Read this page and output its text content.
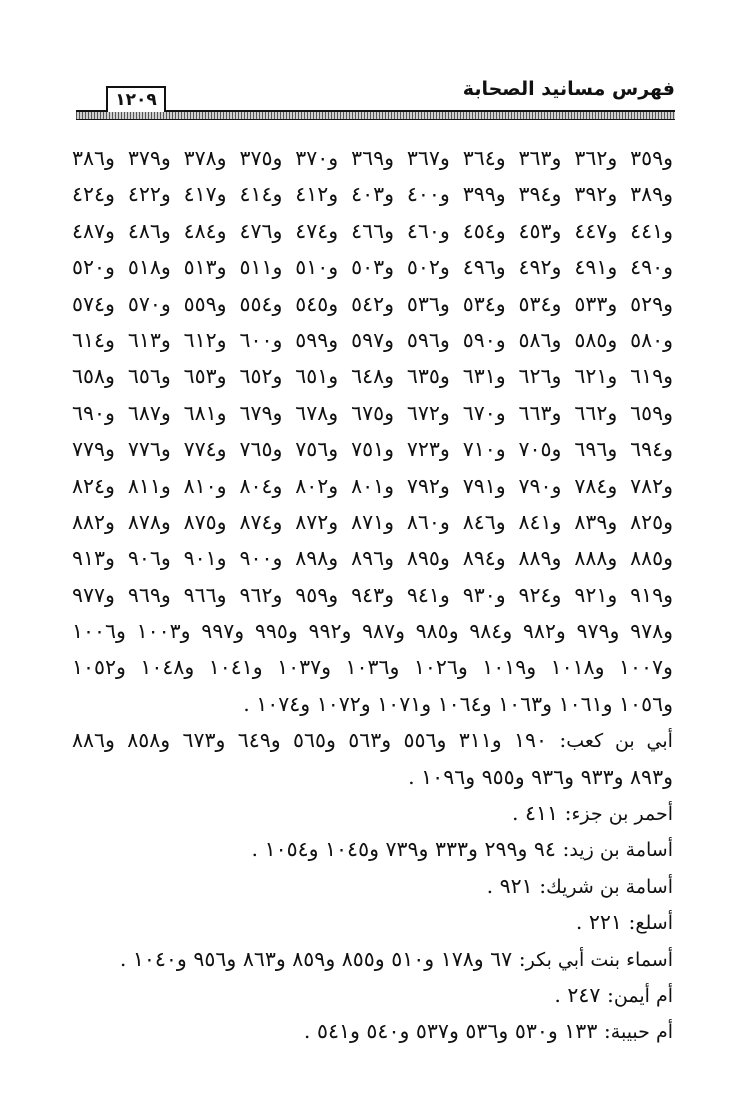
فهرس مسانيد الصحابة
١٢٠٩
و٣٥٩ و٣٦٢ و٣٦٣ و٣٦٤ و٣٦٧ و٣٦٩ و٣٧٠ و٣٧٥ و٣٧٨ و٣٧٩ و٣٨٦
و٣٨٩ و٣٩٢ و٣٩٤ و٣٩٩ و٤٠٠ و٤٠٣ و٤١٢ و٤١٤ و٤١٧ و٤٢٢ و٤٢٤
و٤٤١ و٤٤٧ و٤٥٣ و٤٥٤ و٤٦٠ و٤٦٦ و٤٧٤ و٤٧٦ و٤٨٤ و٤٨٦ و٤٨٧
و٤٩٠ و٤٩١ و٤٩٢ و٤٩٦ و٥٠٢ و٥٠٣ و٥١٠ و٥١١ و٥١٣ و٥١٨ و٥٢٠
و٥٢٩ و٥٣٣ و٥٣٤ و٥٣٤ و٥٣٦ و٥٤٢ و٥٤٥ و٥٥٤ و٥٥٩ و٥٧٠ و٥٧٤
و٥٨٠ و٥٨٥ و٥٨٦ و٥٩٠ و٥٩٦ و٥٩٧ و٥٩٩ و٦٠٠ و٦١٢ و٦١٣ و٦١٤
و٦١٩ و٦٢١ و٦٢٦ و٦٣١ و٦٣٥ و٦٤٨ و٦٥١ و٦٥٢ و٦٥٣ و٦٥٦ و٦٥٨
و٦٥٩ و٦٦٢ و٦٦٣ و٦٧٠ و٦٧٢ و٦٧٥ و٦٧٨ و٦٧٩ و٦٨١ و٦٨٧ و٦٩٠
و٦٩٤ و٦٩٦ و٧٠٥ و٧١٠ و٧٢٣ و٧٥١ و٧٥٦ و٧٦٥ و٧٧٤ و٧٧٦ و٧٧٩
و٧٨٢ و٧٨٤ و٧٩٠ و٧٩١ و٧٩٢ و٨٠١ و٨٠٢ و٨٠٤ و٨١٠ و٨١١ و٨٢٤
و٨٢٥ و٨٣٩ و٨٤١ و٨٤٦ و٨٦٠ و٨٧١ و٨٧٢ و٨٧٤ و٨٧٥ و٨٧٨ و٨٨٢
و٨٨٥ و٨٨٨ و٨٨٩ و٨٩٤ و٨٩٥ و٨٩٦ و٨٩٨ و٩٠٠ و٩٠١ و٩٠٦ و٩١٣
و٩١٩ و٩٢١ و٩٢٤ و٩٣٠ و٩٤١ و٩٤٣ و٩٥٩ و٩٦٢ و٩٦٦ و٩٦٩ و٩٧٧
و٩٧٨ و٩٧٩ و٩٨٢ و٩٨٤ و٩٨٥ و٩٨٧ و٩٩٢ و٩٩٥ و٩٩٧ و١٠٠٣ و١٠٠٦
و١٠٠٧ و١٠١٨ و١٠١٩ و١٠٢٦ و١٠٣٦ و١٠٣٧ و١٠٤١ و١٠٤٨ و١٠٥٢
و١٠٥٦ و١٠٦١ و١٠٦٣ و١٠٦٤ و١٠٧١ و١٠٧٢ و١٠٧٤ .
أبي بن كعب: ١٩٠ و٣١١ و٥٥٦ و٥٦٣ و٥٦٥ و٦٤٩ و٦٧٣ و٨٥٨ و٨٨٦
و٨٩٣ و٩٣٣ و٩٣٦ و٩٥٥ و١٠٩٦ .
أحمر بن جزء: ٤١١ .
أسامة بن زيد: ٩٤ و٢٩٩ و٣٣٣ و٧٣٩ و١٠٤٥ و١٠٥٤ .
أسامة بن شريك: ٩٢١ .
أسلع: ٢٢١ .
أسماء بنت أبي بكر: ٦٧ و١٧٨ و٥١٠ و٨٥٥ و٨٥٩ و٨٦٣ و٩٥٦ و١٠٤٠ .
أم أيمن: ٢٤٧ .
أم حبيبة: ١٣٣ و٥٣٠ و٥٣٦ و٥٣٧ و٥٤٠ و٥٤١ .
